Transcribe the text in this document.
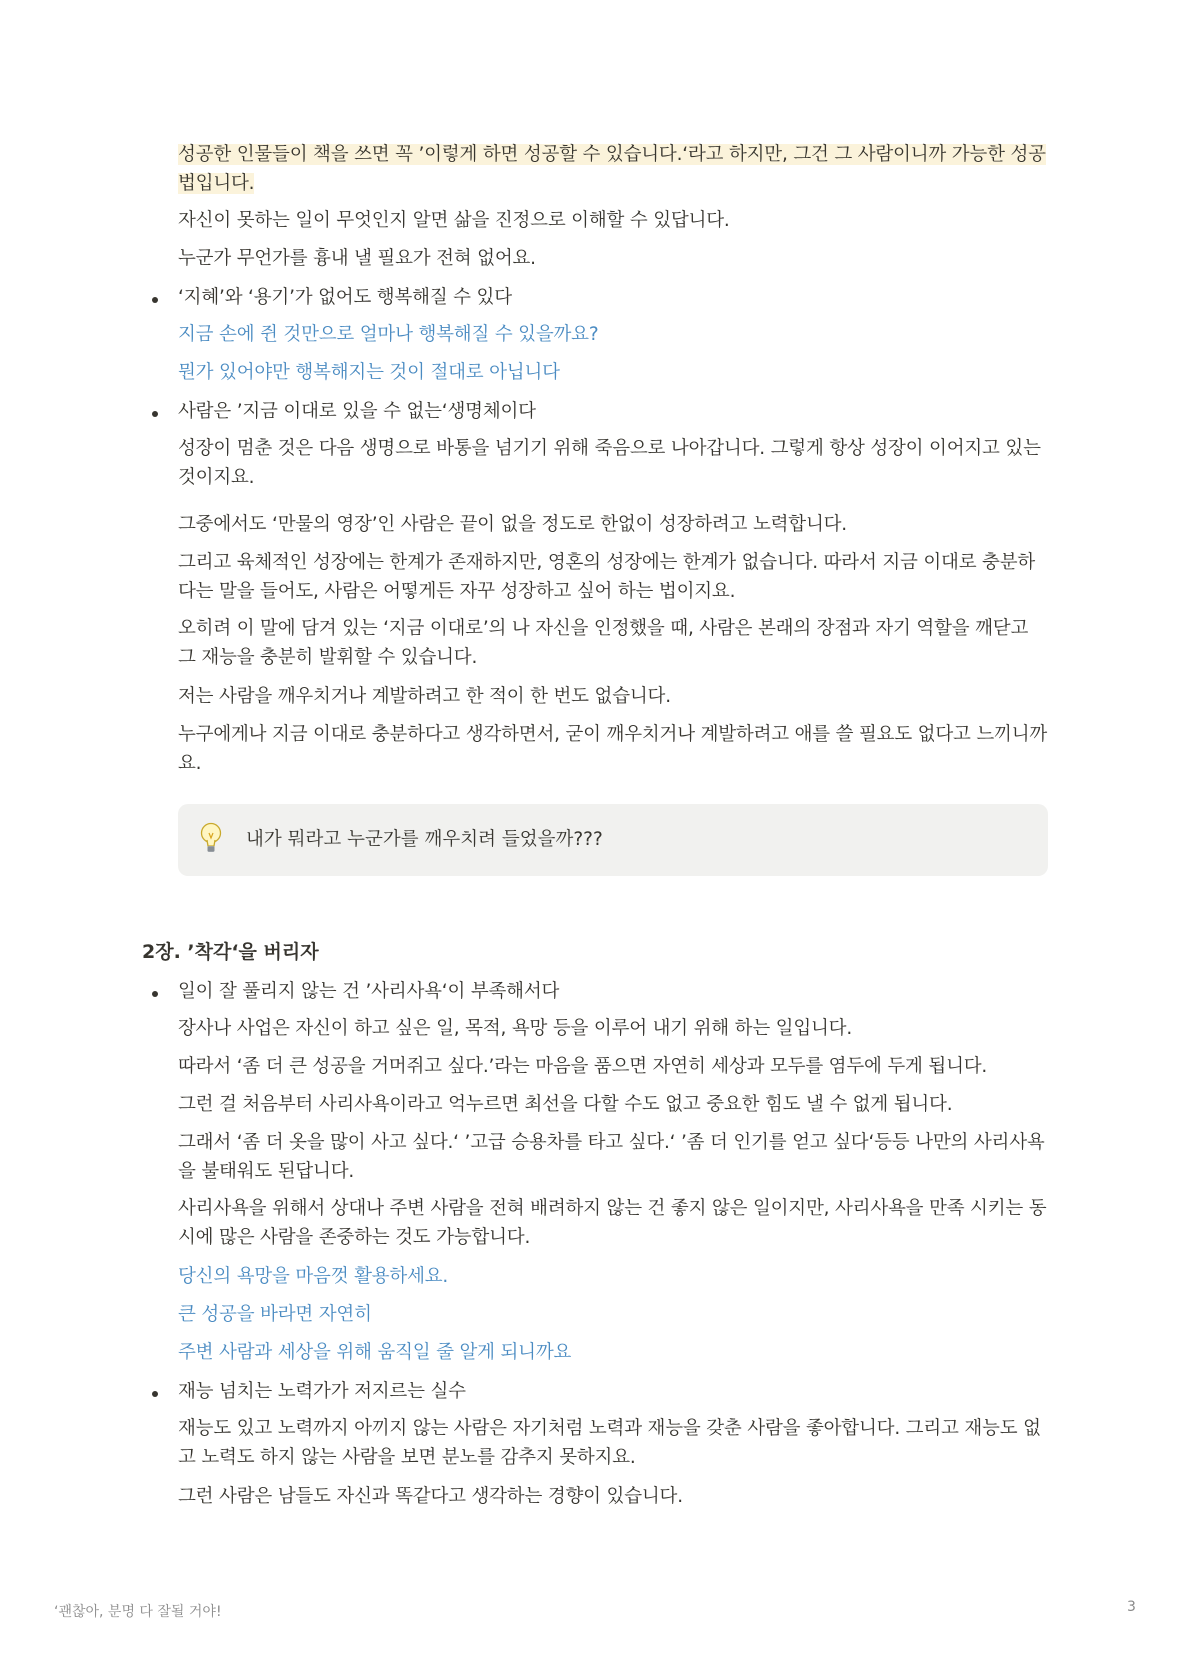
성공한 인물들이 책을 쓰면 꼭 ’이렇게 하면 성공할 수 있습니다.‘라고 하지만, 그건 그 사람이니까 가능한 성공법입니다.

자신이 못하는 일이 무엇인지 알면 삶을 진정으로 이해할 수 있답니다.

누군가 무언가를 흉내 낼 필요가 전혀 없어요.

‘지혜’와 ‘용기’가 없어도 행복해질 수 있다

지금 손에 쥔 것만으로 얼마나 행복해질 수 있을까요?

뭔가 있어야만 행복해지는 것이 절대로 아닙니다

사람은 ’지금 이대로 있을 수 없는‘생명체이다

성장이 멈춘 것은 다음 생명으로 바통을 넘기기 위해 죽음으로 나아갑니다. 그렇게 항상 성장이 이어지고 있는 것이지요.

그중에서도 ‘만물의 영장’인 사람은 끝이 없을 정도로 한없이 성장하려고 노력합니다.

그리고 육체적인 성장에는 한계가 존재하지만, 영혼의 성장에는 한계가 없습니다. 따라서 지금 이대로 충분하다는 말을 들어도, 사람은 어떻게든 자꾸 성장하고 싶어 하는 법이지요.

오히려 이 말에 담겨 있는 ‘지금 이대로’의 나 자신을 인정했을 때, 사람은 본래의 장점과 자기 역할을 깨닫고 그 재능을 충분히 발휘할 수 있습니다.

저는 사람을 깨우치거나 계발하려고 한 적이 한 번도 없습니다.

누구에게나 지금 이대로 충분하다고 생각하면서, 굳이 깨우치거나 계발하려고 애를 쓸 필요도 없다고 느끼니까요.

내가 뭐라고 누군가를 깨우치려 들었을까???
2장. ’착각‘을 버리자

일이 잘 풀리지 않는 건 ’사리사욕‘이 부족해서다

장사나 사업은 자신이 하고 싶은 일, 목적, 욕망 등을 이루어 내기 위해 하는 일입니다.

따라서 ‘좀 더 큰 성공을 거머쥐고 싶다.’라는 마음을 품으면 자연히 세상과 모두를 염두에 두게 됩니다.

그런 걸 처음부터 사리사욕이라고 억누르면 최선을 다할 수도 없고 중요한 힘도 낼 수 없게 됩니다.

그래서 ‘좀 더 옷을 많이 사고 싶다.‘ ’고급 승용차를 타고 싶다.‘ ’좀 더 인기를 얻고 싶다‘등등 나만의 사리사욕을 불태워도 된답니다.

사리사욕을 위해서 상대나 주변 사람을 전혀 배려하지 않는 건 좋지 않은 일이지만, 사리사욕을 만족 시키는 동시에 많은 사람을 존중하는 것도 가능합니다.

당신의 욕망을 마음껏 활용하세요.

큰 성공을 바라면 자연히

주변 사람과 세상을 위해 움직일 줄 알게 되니까요

재능 넘치는 노력가가 저지르는 실수

재능도 있고 노력까지 아끼지 않는 사람은 자기처럼 노력과 재능을 갖춘 사람을 좋아합니다. 그리고 재능도 없고 노력도 하지 않는 사람을 보면 분노를 감추지 못하지요.

그런 사람은 남들도 자신과 똑같다고 생각하는 경향이 있습니다.

‘괜찮아, 분명 다 잘될 거야!	3
